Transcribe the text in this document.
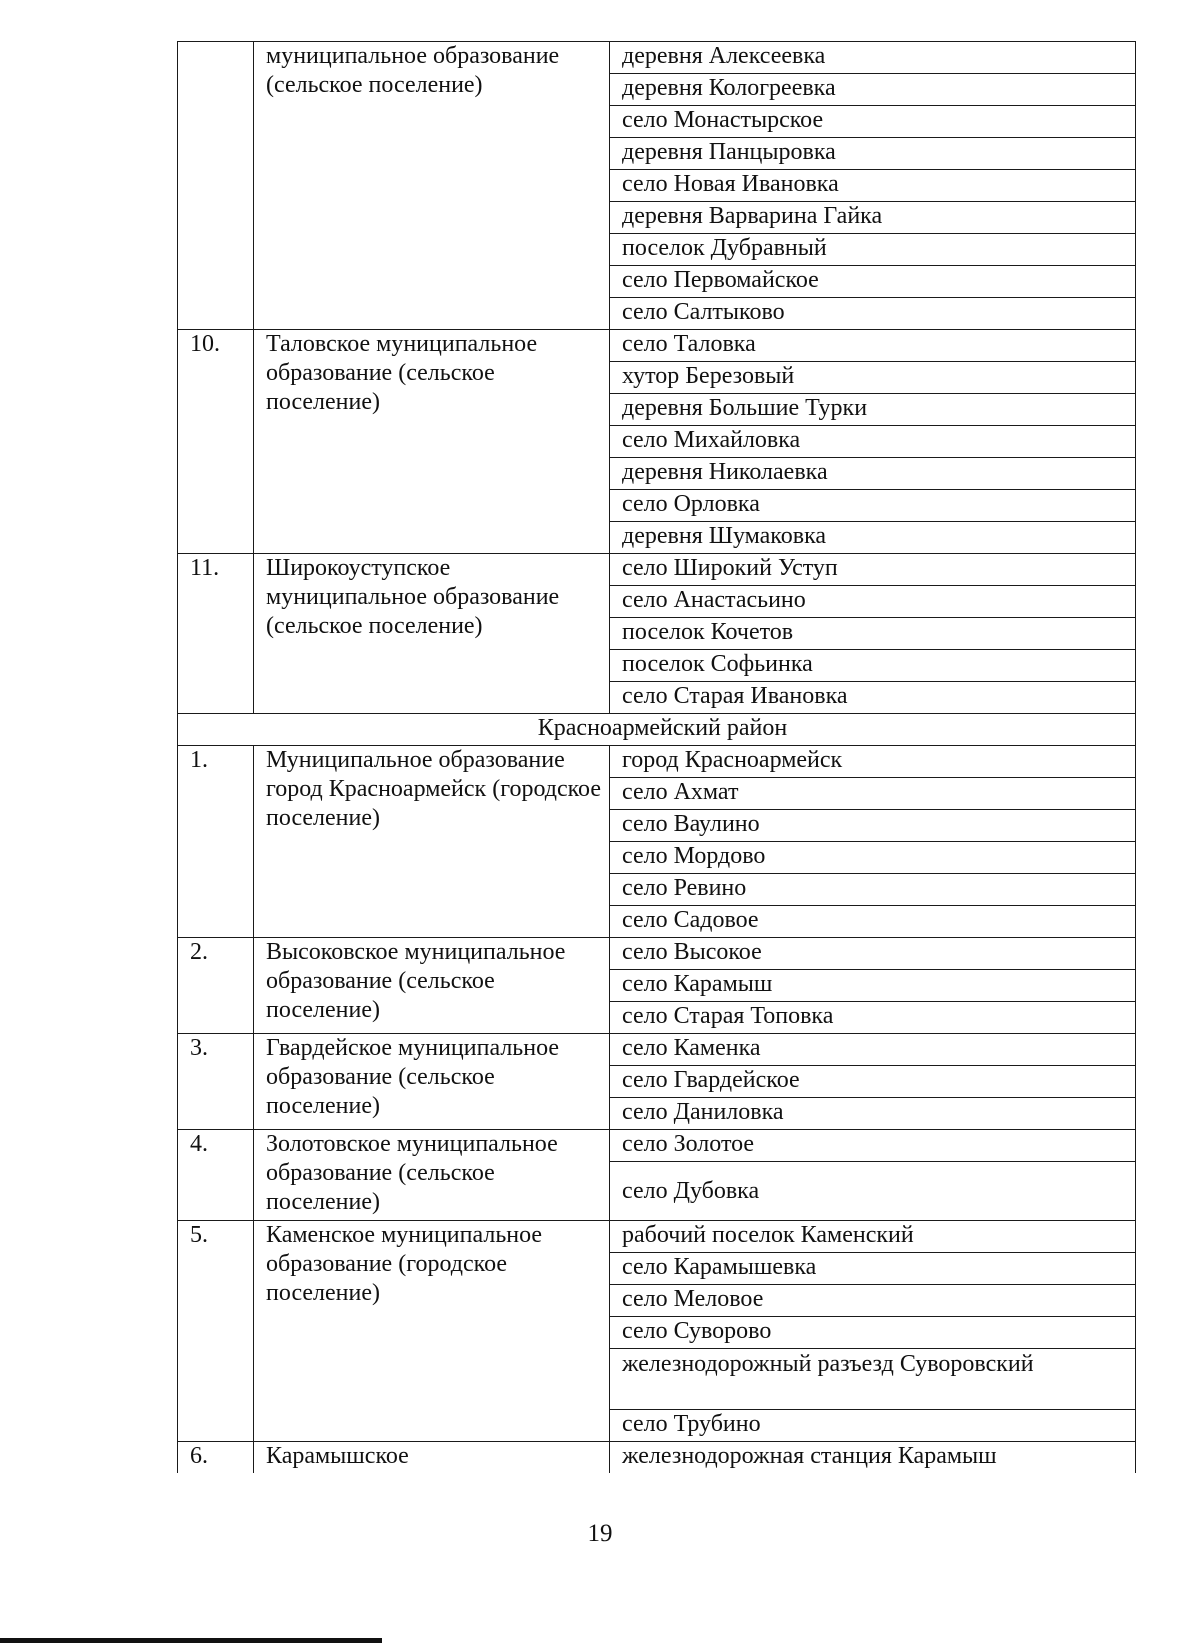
	муниципальное образование (сельское поселение)	деревня Алексеевка
		деревня Кологреевка
		село Монастырское
		деревня Панцыровка
		село Новая Ивановка
		деревня Варварина Гайка
		поселок Дубравный
		село Первомайское
		село Салтыково
10.	Таловское муниципальное образование (сельское поселение)	село Таловка
		хутор Березовый
		деревня Большие Турки
		село Михайловка
		деревня Николаевка
		село Орловка
		деревня Шумаковка
11.	Широкоуступское муниципальное образование (сельское поселение)	село Широкий Уступ
		село Анастасьино
		поселок Кочетов
		поселок Софьинка
		село Старая Ивановка
Красноармейский район		
1.	Муниципальное образование город Красноармейск (городское поселение)	город Красноармейск
		село Ахмат
		село Ваулино
		село Мордово
		село Ревино
		село Садовое
2.	Высоковское муниципальное образование (сельское поселение)	село Высокое
		село Карамыш
		село Старая Топовка
3.	Гвардейское муниципальное образование (сельское поселение)	село Каменка
		село Гвардейское
		село Даниловка
4.	Золотовское муниципальное образование (сельское поселение)	село Золотое
		село Дубовка
5.	Каменское муниципальное образование (городское поселение)	рабочий поселок Каменский
		село Карамышевка
		село Меловое
		село Суворово
		железнодорожный разъезд Суворовский
		село Трубино
6.	Карамышское	железнодорожная станция Карамыш
19
